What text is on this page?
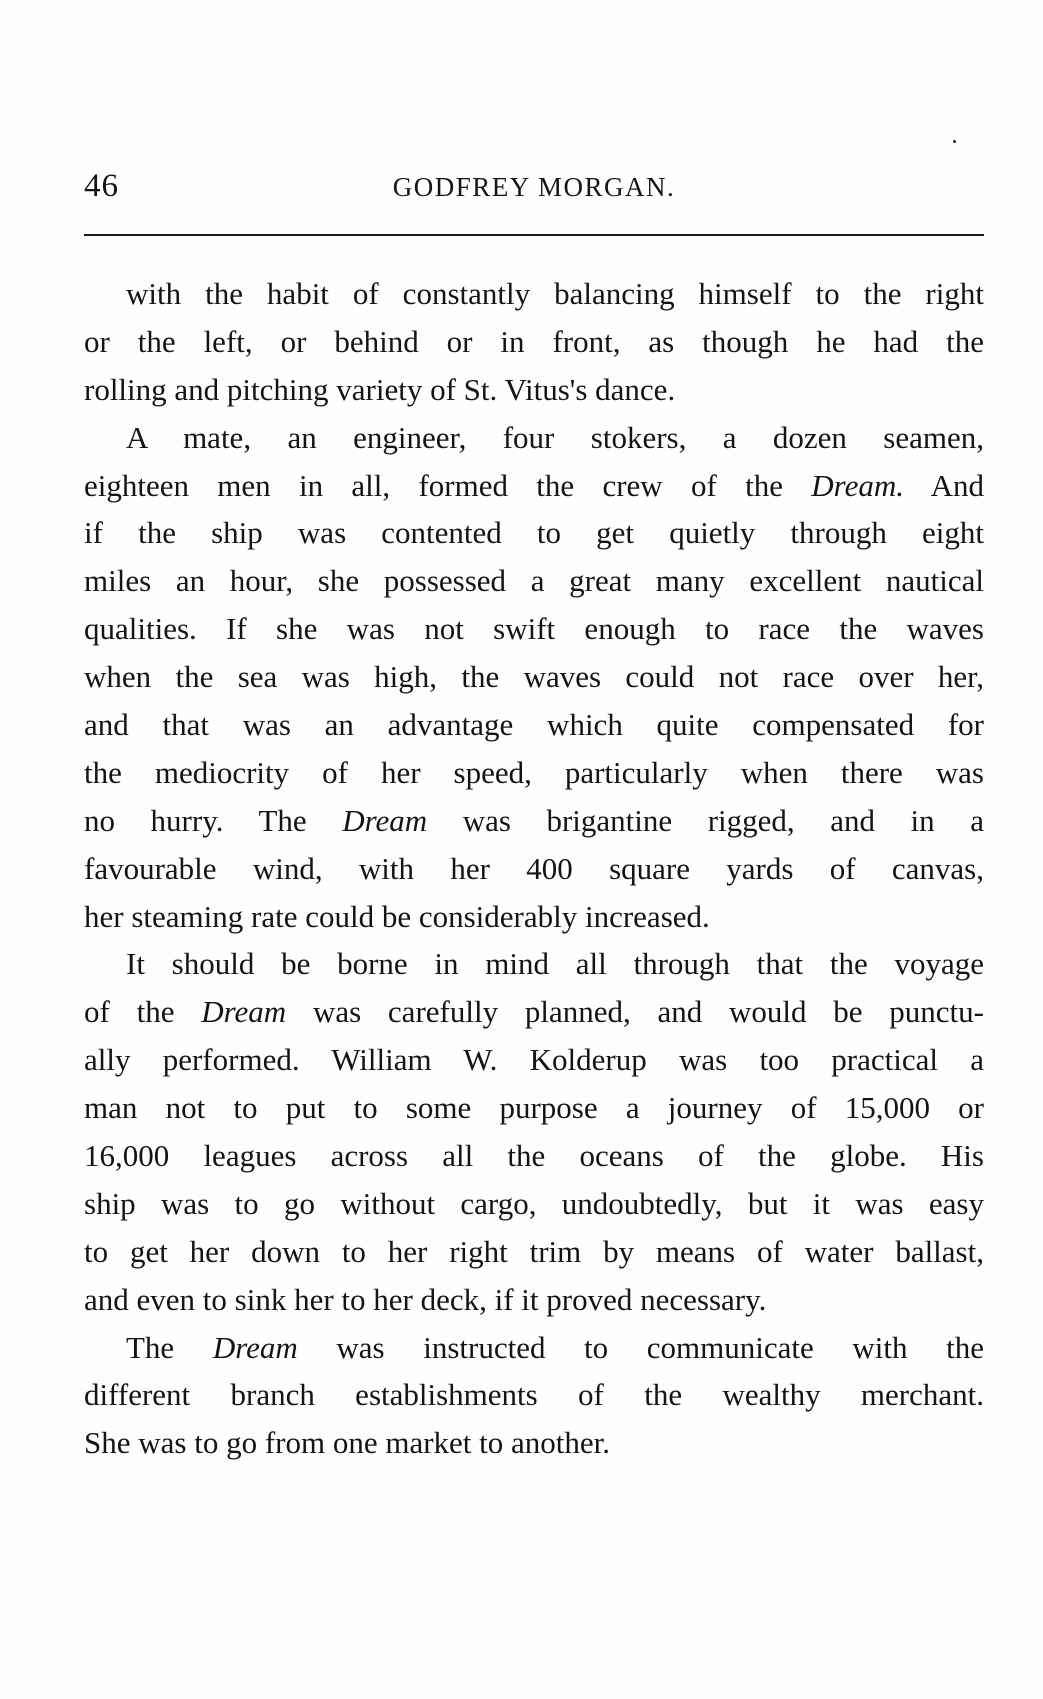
46	GODFREY MORGAN.

with the habit of constantly balancing himself to the right
or the left, or behind or in front, as though he had the
rolling and pitching variety of St. Vitus's dance.

A mate, an engineer, four stokers, a dozen seamen,
eighteen men in all, formed the crew of the Dream. And
if the ship was contented to get quietly through eight
miles an hour, she possessed a great many excellent nautical
qualities. If she was not swift enough to race the waves
when the sea was high, the waves could not race over her,
and that was an advantage which quite compensated for
the mediocrity of her speed, particularly when there was
no hurry. The Dream was brigantine rigged, and in a
favourable wind, with her 400 square yards of canvas,
her steaming rate could be considerably increased.

It should be borne in mind all through that the voyage
of the Dream was carefully planned, and would be punctu-
ally performed. William W. Kolderup was too practical a
man not to put to some purpose a journey of 15,000 or
16,000 leagues across all the oceans of the globe. His
ship was to go without cargo, undoubtedly, but it was easy
to get her down to her right trim by means of water ballast,
and even to sink her to her deck, if it proved necessary.

The Dream was instructed to communicate with the
different branch establishments of the wealthy merchant.
She was to go from one market to another.
